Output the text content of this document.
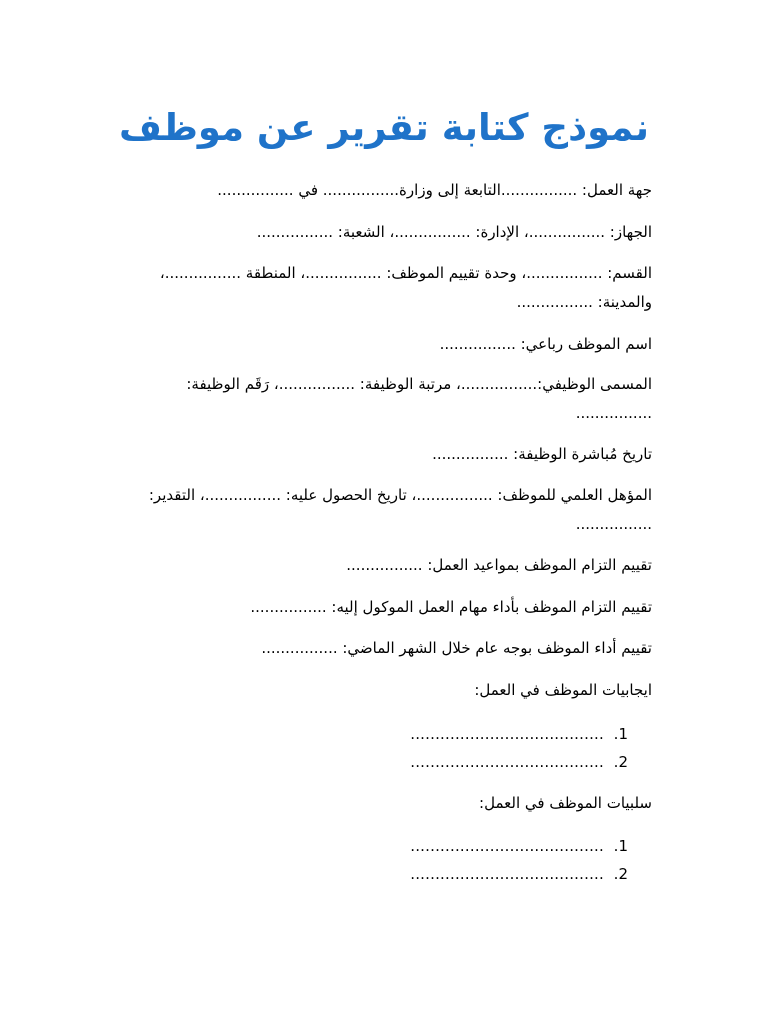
نموذج كتابة تقرير عن موظف
جهة العمل: ................التابعة إلى وزارة................ في ................
الجهاز: ................، الإدارة: ................، الشعبة: ................
القسم: ................، وحدة تقييم الموظف: ................، المنطقة ................، والمدينة: ................
اسم الموظف رباعي: ................
المسمى الوظيفي:................، مرتبة الوظيفة: ................، رَقَم الوظيفة: ................
تاريخ مُباشرة الوظيفة: ................
المؤهل العلمي للموظف: ................، تاريخ الحصول عليه: ................، التقدير: ................
تقييم التزام الموظف بمواعيد العمل: ................
تقييم التزام الموظف بأداء مهام العمل الموكول إليه: ................
تقييم أداء الموظف بوجه عام خلال الشهر الماضي: ................
ايجابيات الموظف في العمل:
1.
.......................................
2.
.......................................
سلبيات الموظف في العمل:
1.
.......................................
2.
.......................................
